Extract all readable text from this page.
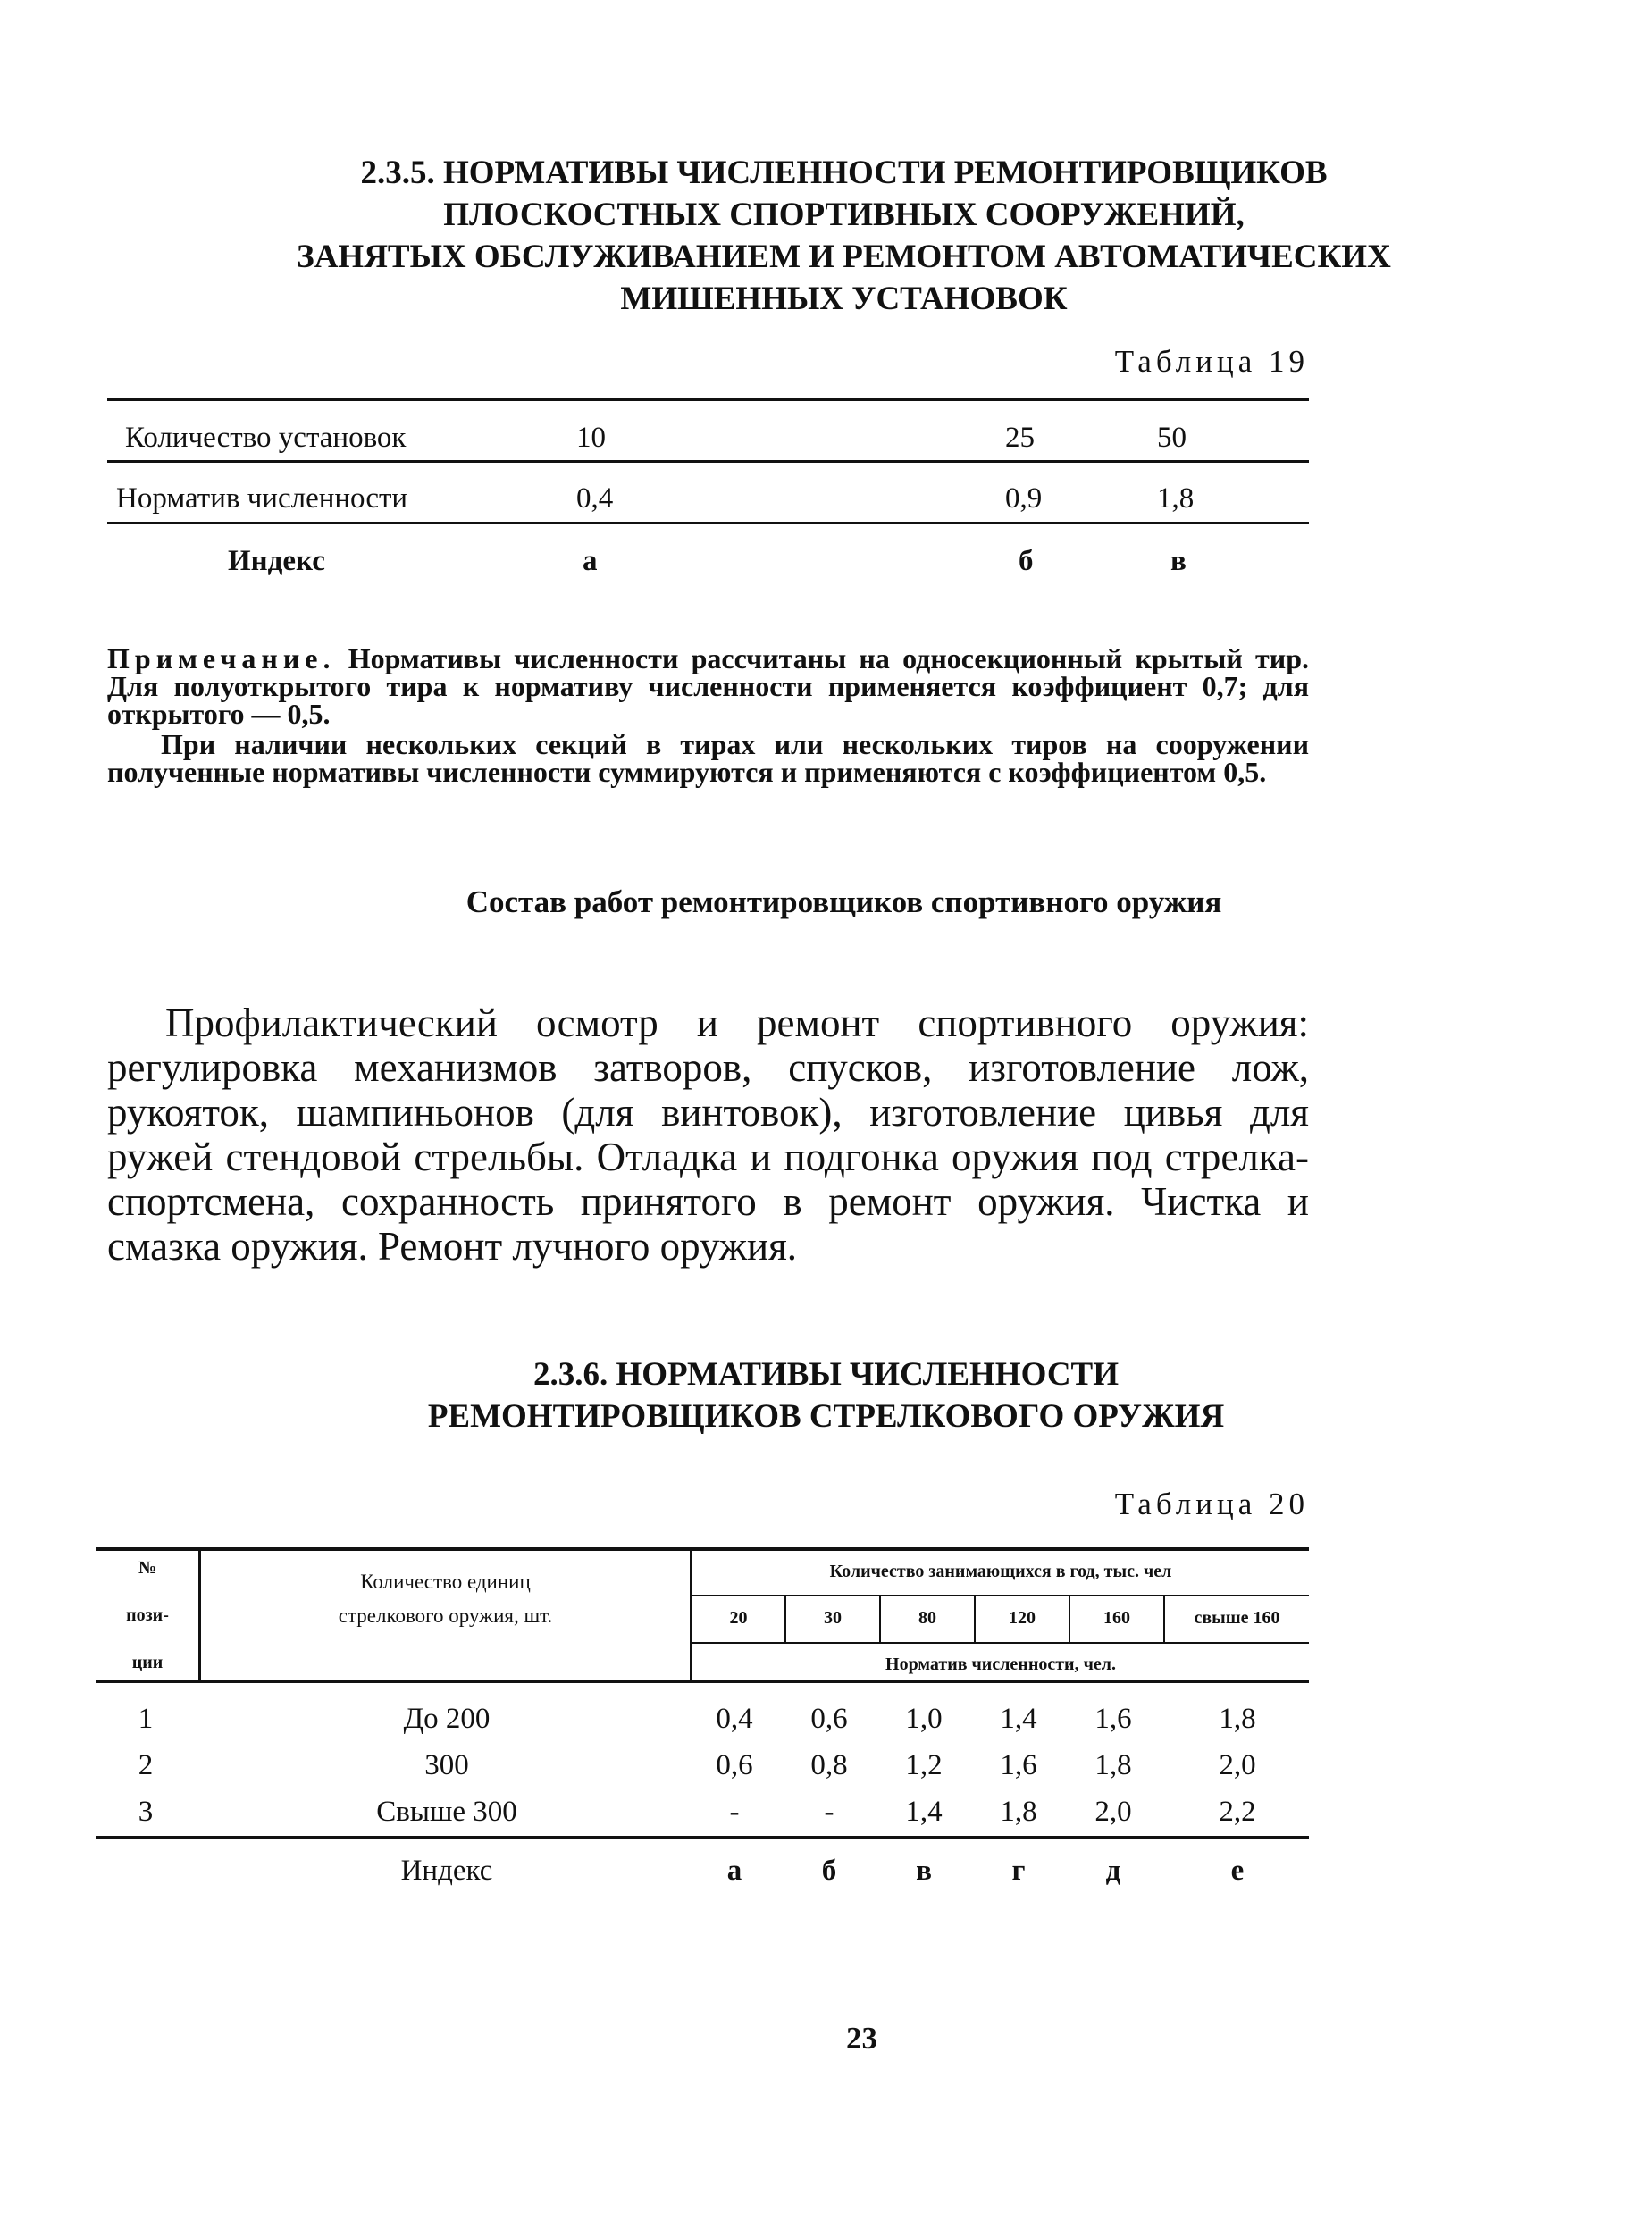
2.3.5. НОРМАТИВЫ ЧИСЛЕННОСТИ РЕМОНТИРОВЩИКОВ
ПЛОСКОСТНЫХ СПОРТИВНЫХ СООРУЖЕНИЙ,
ЗАНЯТЫХ ОБСЛУЖИВАНИЕМ И РЕМОНТОМ АВТОМАТИЧЕСКИХ
МИШЕННЫХ УСТАНОВОК
Таблица 19
Количество установок	10	25	50
Норматив численности	0,4	0,9	1,8
Индекс	а	б	в
Примечание. Нормативы численности рассчитаны на односекционный крытый тир. Для полуоткрытого тира к нормативу численности применяется коэффициент 0,7; для открытого — 0,5.
При наличии нескольких секций в тирах или нескольких тиров на сооружении полученные нормативы численности суммируются и применяются с коэффициентом 0,5.
Состав работ ремонтировщиков спортивного оружия
Профилактический осмотр и ремонт спортивного оружия: регулировка механизмов затворов, спусков, изготовление лож, рукояток, шампиньонов (для винтовок), изготовление цивья для ружей стендовой стрельбы. Отладка и подгонка оружия под стрелка-спортсмена, сохранность принятого в ремонт оружия. Чистка и смазка оружия. Ремонт лучного оружия.
2.3.6. НОРМАТИВЫ ЧИСЛЕННОСТИ
РЕМОНТИРОВЩИКОВ СТРЕЛКОВОГО ОРУЖИЯ
Таблица 20
№
пози-
ции
Количество единиц
стрелкового оружия, шт.
Количество занимающихся в год, тыс. чел
20	30	80	120	160	свыше 160
Норматив численности, чел.
1	До 200	0,4	0,6	1,0	1,4	1,6	1,8
2	300	0,6	0,8	1,2	1,6	1,8	2,0
3	Свыше 300	-	-	1,4	1,8	2,0	2,2
Индекс	а	б	в	г	д	е
23
